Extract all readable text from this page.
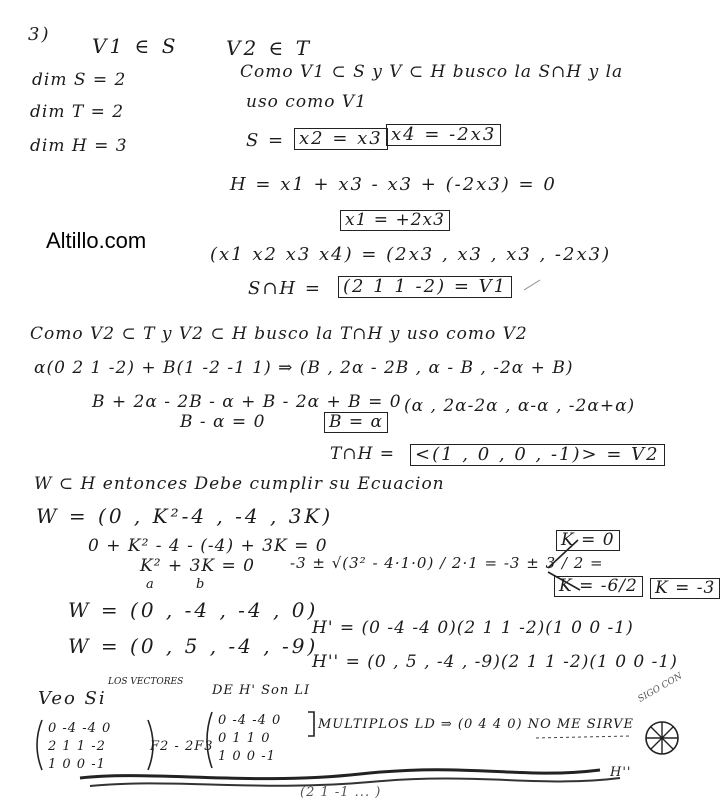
Altillo.com
3) V1 ∈ S V2 ∈ T
dim S = 2
dim T = 2
dim H = 3
Como V1 ⊂ S y V ⊂ H busco la S∩H y la
uso como V1
S = x2 = x3 x4 = -2x3
H = x1 + x3 - x3 + (-2x3) = 0
x1 = +2x3
(x1 x2 x3 x4) = (2x3 , x3 , x3 , -2x3)
S∩H = (2 1 1 -2) = V1
Como V2 ⊂ T y V2 ⊂ H busco la T∩H y uso como V2
α(0 2 1 -2) + B(1 -2 -1 1) ⇒ (B , 2α - 2B , α - B , -2α + B)
B + 2α - 2B - α + B - 2α + B = 0 (α , 2α-2α , α-α , -2α+α)
B - α = 0	B = α
T∩H = <(1 , 0 , 0 , -1)> = V2
W ⊂ H entonces Debe cumplir su Ecuacion
W = (0 , K²-4 , -4 , 3K)
0 + K² - 4 - (-4) + 3K = 0
K² + 3K = 0
a	b
-3 ± √(3² - 4·1·0) / 2·1 = -3 ± 3 / 2 =
K = 0
K = -6/2 K = -3
W = (0 , -4 , -4 , 0)
W = (0 , 5 , -4 , -9)
H' = (0 -4 -4 0)(2 1 1 -2)(1 0 0 -1)
H'' = (0 , 5 , -4 , -9)(2 1 1 -2)(1 0 0 -1)
Veo Si
LOS VECTORES
DE H' Son LI
0 -4 -4 0
2 1 1 -2
1 0 0 -1
F2 - 2F3
0 -4 -4 0
0 1 1 0
1 0 0 -1
MULTIPLOS LD ⇒ (0 4 4 0) NO ME SIRVE
SIGO CON
H''
(2 1 -1 ... )
